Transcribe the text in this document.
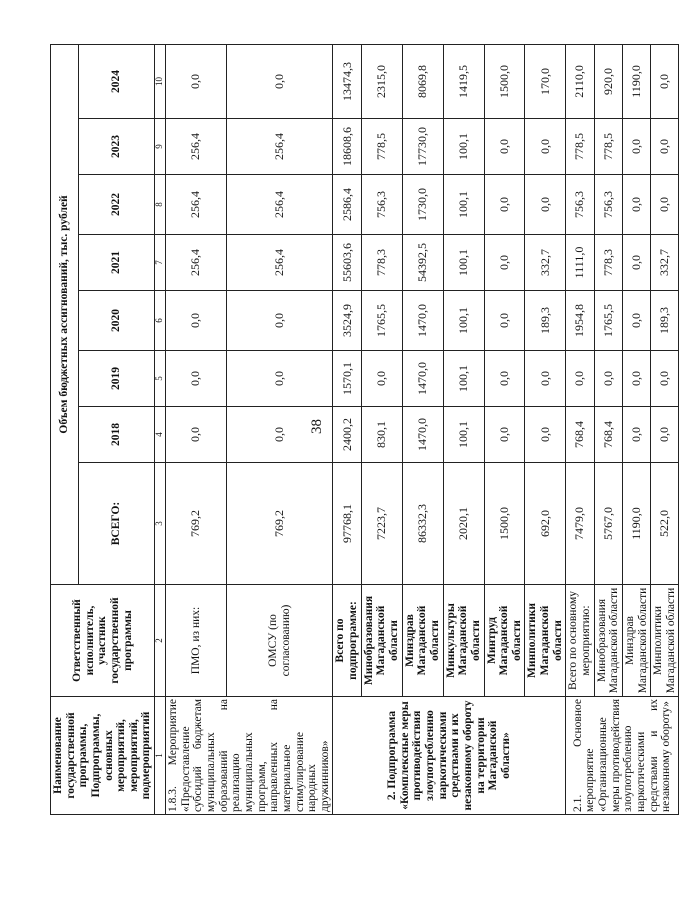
38
Наименование государственной программы, Подпрограммы, основных мероприятий, мероприятий, подмероприятий	Ответственный исполнитель, участник государственной программы	Объем бюджетных ассигнований, тыс. рублей							
		ВСЕГО:	2018	2019	2020	2021	2022	2023	2024
1	2	3	4	5	6	7	8	9	10
1.8.3. Мероприятие «Предоставление субсидий бюджетам муниципальных образований на реализацию муниципальных программ, направленных на материальное стимулирование народных дружинников»	ПМО, из них:	769,2	0,0	0,0	0,0	256,4	256,4	256,4	0,0
	ОМСУ (по согласованию)	769,2	0,0	0,0	0,0	256,4	256,4	256,4	0,0
2. Подпрограмма «Комплексные меры противодействия злоупотреблению наркотическими средствами и их незаконному обороту на территории Магаданской области»	Всего по подпрограмме:	97768,1	2400,2	1570,1	3524,9	55603,6	2586,4	18608,6	13474,3
	Минобразования Магаданской области	7223,7	830,1	0,0	1765,5	778,3	756,3	778,5	2315,0
	Минздрав Магаданской области	86332,3	1470,0	1470,0	1470,0	54392,5	1730,0	17730,0	8069,8
	Минкультуры Магаданской области	2020,1	100,1	100,1	100,1	100,1	100,1	100,1	1419,5
	Минтруд Магаданской области	1500,0	0,0	0,0	0,0	0,0	0,0	0,0	1500,0
	Минполитики Магаданской области	692,0	0,0	0,0	189,3	332,7	0,0	0,0	170,0
2.1. Основное мероприятие «Организационные меры противодействия злоупотреблению наркотическими средствами и их незаконному обороту»	Всего по основному мероприятию:	7479,0	768,4	0,0	1954,8	1111,0	756,3	778,5	2110,0
	Минобразования Магаданской области	5767,0	768,4	0,0	1765,5	778,3	756,3	778,5	920,0
	Минздрав Магаданской области	1190,0	0,0	0,0	0,0	0,0	0,0	0,0	1190,0
	Минполитики Магаданской области	522,0	0,0	0,0	189,3	332,7	0,0	0,0	0,0
